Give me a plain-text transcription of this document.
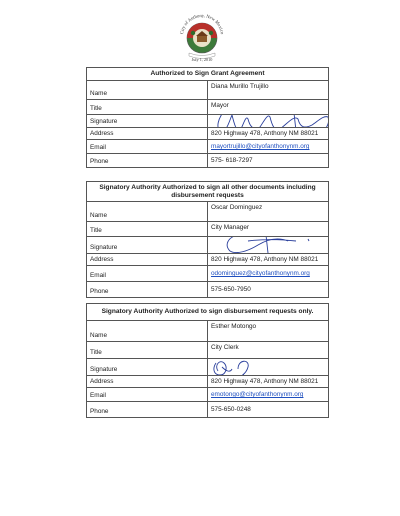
City of Anthony, New Mexico
July 1, 2010
Authorized to Sign Grant Agreement	
Name	Diana Murillo Trujillo
Title	Mayor
Signature	

Address	820 Highway 478, Anthony NM 88021
Email	mayortrujillo@cityofanthonynm.org
Phone	575- 618-7297
Signatory Authority Authorized to sign all other documents including disbursement requests	
Name	Oscar Dominguez
Title	City Manager
Signature	

Address	820 Highway 478, Anthony NM 88021
Email	odominguez@cityofanthonynm.org
Phone	575-650-7950
Signatory Authority Authorized to sign disbursement requests only.	
Name	Esther Motongo
Title	City Clerk
Signature	

Address	820 Highway 478, Anthony NM 88021
Email	emotongo@cityofanthonynm.org
Phone	575-650-0248
